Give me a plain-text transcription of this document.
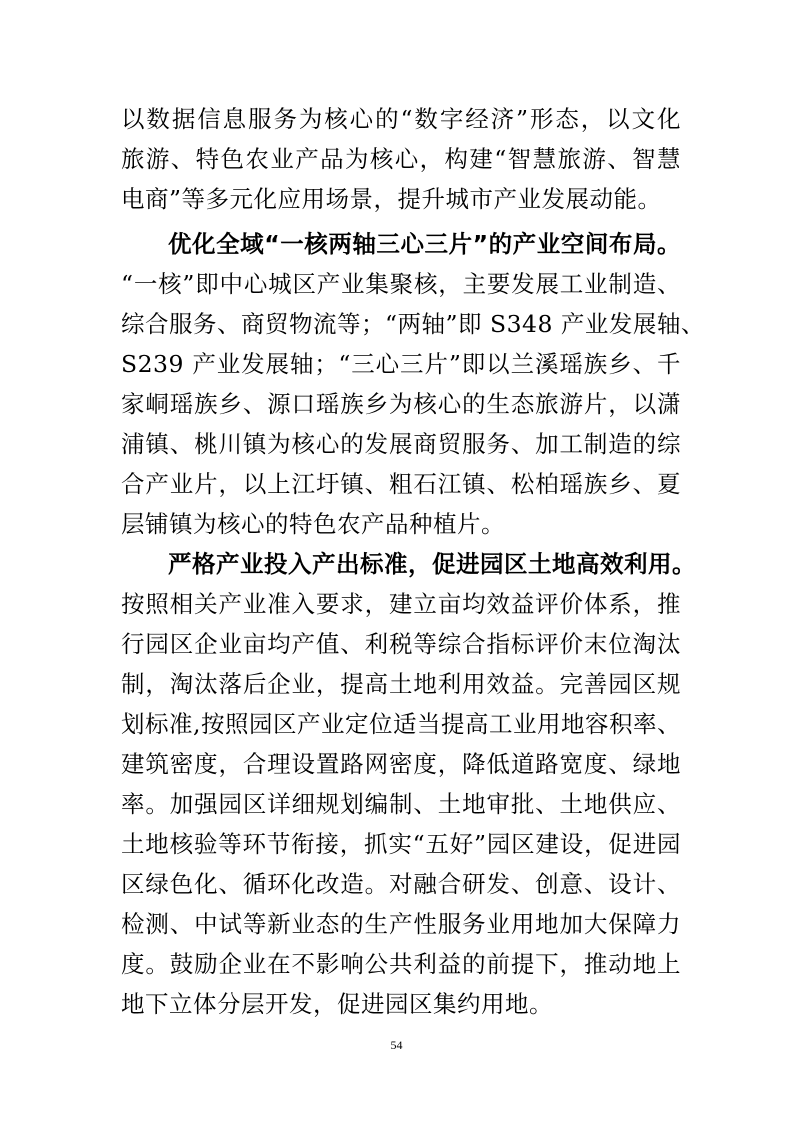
以数据信息服务为核心的“数字经济”形态，以文化
旅游、特色农业产品为核心，构建“智慧旅游、智慧
电商”等多元化应用场景，提升城市产业发展动能。
优化全域“一核两轴三心三片”的产业空间布局。
“一核”即中心城区产业集聚核，主要发展工业制造、
综合服务、商贸物流等；“两轴”即 S348 产业发展轴、
S239 产业发展轴；“三心三片”即以兰溪瑶族乡、千
家峒瑶族乡、源口瑶族乡为核心的生态旅游片，以潇
浦镇、桃川镇为核心的发展商贸服务、加工制造的综
合产业片，以上江圩镇、粗石江镇、松柏瑶族乡、夏
层铺镇为核心的特色农产品种植片。
严格产业投入产出标准，促进园区土地高效利用。
按照相关产业准入要求，建立亩均效益评价体系，推
行园区企业亩均产值、利税等综合指标评价末位淘汰
制，淘汰落后企业，提高土地利用效益。完善园区规
划标准,按照园区产业定位适当提高工业用地容积率、
建筑密度，合理设置路网密度，降低道路宽度、绿地
率。加强园区详细规划编制、土地审批、土地供应、
土地核验等环节衔接，抓实“五好”园区建设，促进园
区绿色化、循环化改造。对融合研发、创意、设计、
检测、中试等新业态的生产性服务业用地加大保障力
度。鼓励企业在不影响公共利益的前提下，推动地上
地下立体分层开发，促进园区集约用地。
54
